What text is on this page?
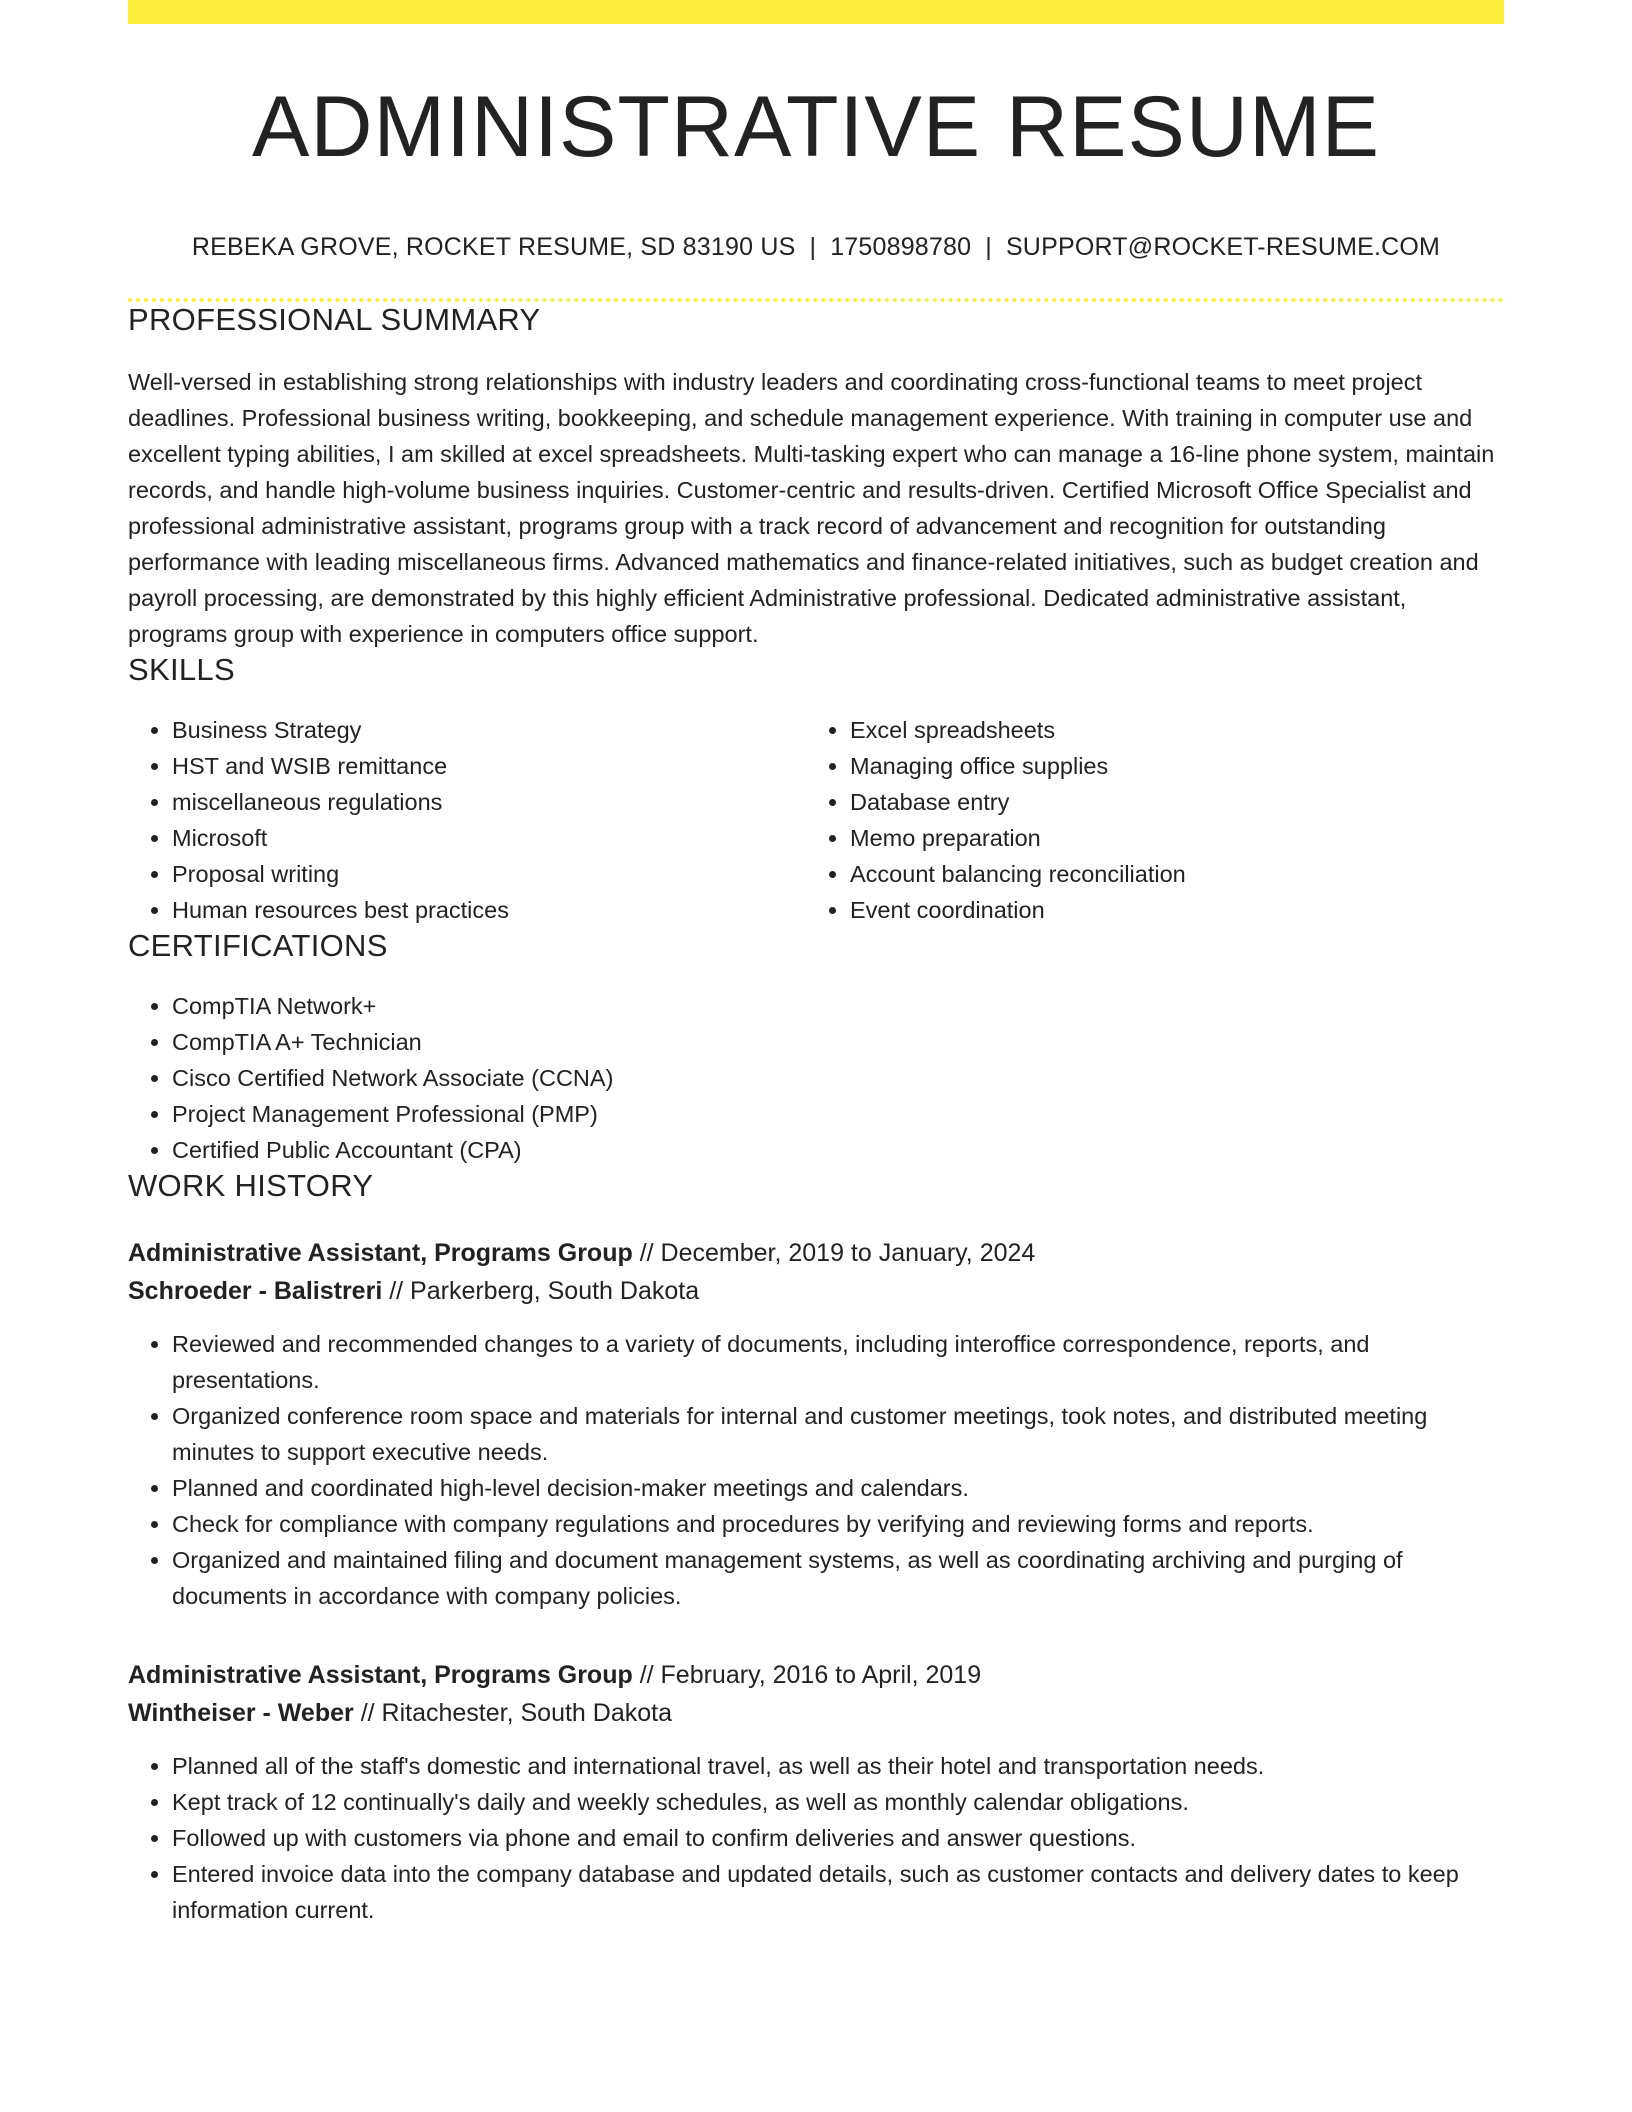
ADMINISTRATIVE RESUME
REBEKA GROVE, ROCKET RESUME, SD 83190 US | 1750898780 | SUPPORT@ROCKET-RESUME.COM
PROFESSIONAL SUMMARY

Well-versed in establishing strong relationships with industry leaders and coordinating cross-functional teams to meet project deadlines. Professional business writing, bookkeeping, and schedule management experience. With training in computer use and excellent typing abilities, I am skilled at excel spreadsheets. Multi-tasking expert who can manage a 16-line phone system, maintain records, and handle high-volume business inquiries. Customer-centric and results-driven. Certified Microsoft Office Specialist and professional administrative assistant, programs group with a track record of advancement and recognition for outstanding performance with leading miscellaneous firms. Advanced mathematics and finance-related initiatives, such as budget creation and payroll processing, are demonstrated by this highly efficient Administrative professional. Dedicated administrative assistant, programs group with experience in computers office support.

SKILLS
• Business Strategy
• HST and WSIB remittance
• miscellaneous regulations
• Microsoft
• Proposal writing
• Human resources best practices
• Excel spreadsheets
• Managing office supplies
• Database entry
• Memo preparation
• Account balancing reconciliation
• Event coordination
CERTIFICATIONS
• CompTIA Network+
• CompTIA A+ Technician
• Cisco Certified Network Associate (CCNA)
• Project Management Professional (PMP)
• Certified Public Accountant (CPA)
WORK HISTORY
Administrative Assistant, Programs Group // December, 2019 to January, 2024
Schroeder - Balistreri // Parkerberg, South Dakota
• Reviewed and recommended changes to a variety of documents, including interoffice correspondence, reports, and presentations.
• Organized conference room space and materials for internal and customer meetings, took notes, and distributed meeting minutes to support executive needs.
• Planned and coordinated high-level decision-maker meetings and calendars.
• Check for compliance with company regulations and procedures by verifying and reviewing forms and reports.
• Organized and maintained filing and document management systems, as well as coordinating archiving and purging of documents in accordance with company policies.
Administrative Assistant, Programs Group // February, 2016 to April, 2019
Wintheiser - Weber // Ritachester, South Dakota
• Planned all of the staff's domestic and international travel, as well as their hotel and transportation needs.
• Kept track of 12 continually's daily and weekly schedules, as well as monthly calendar obligations.
• Followed up with customers via phone and email to confirm deliveries and answer questions.
• Entered invoice data into the company database and updated details, such as customer contacts and delivery dates to keep information current.
